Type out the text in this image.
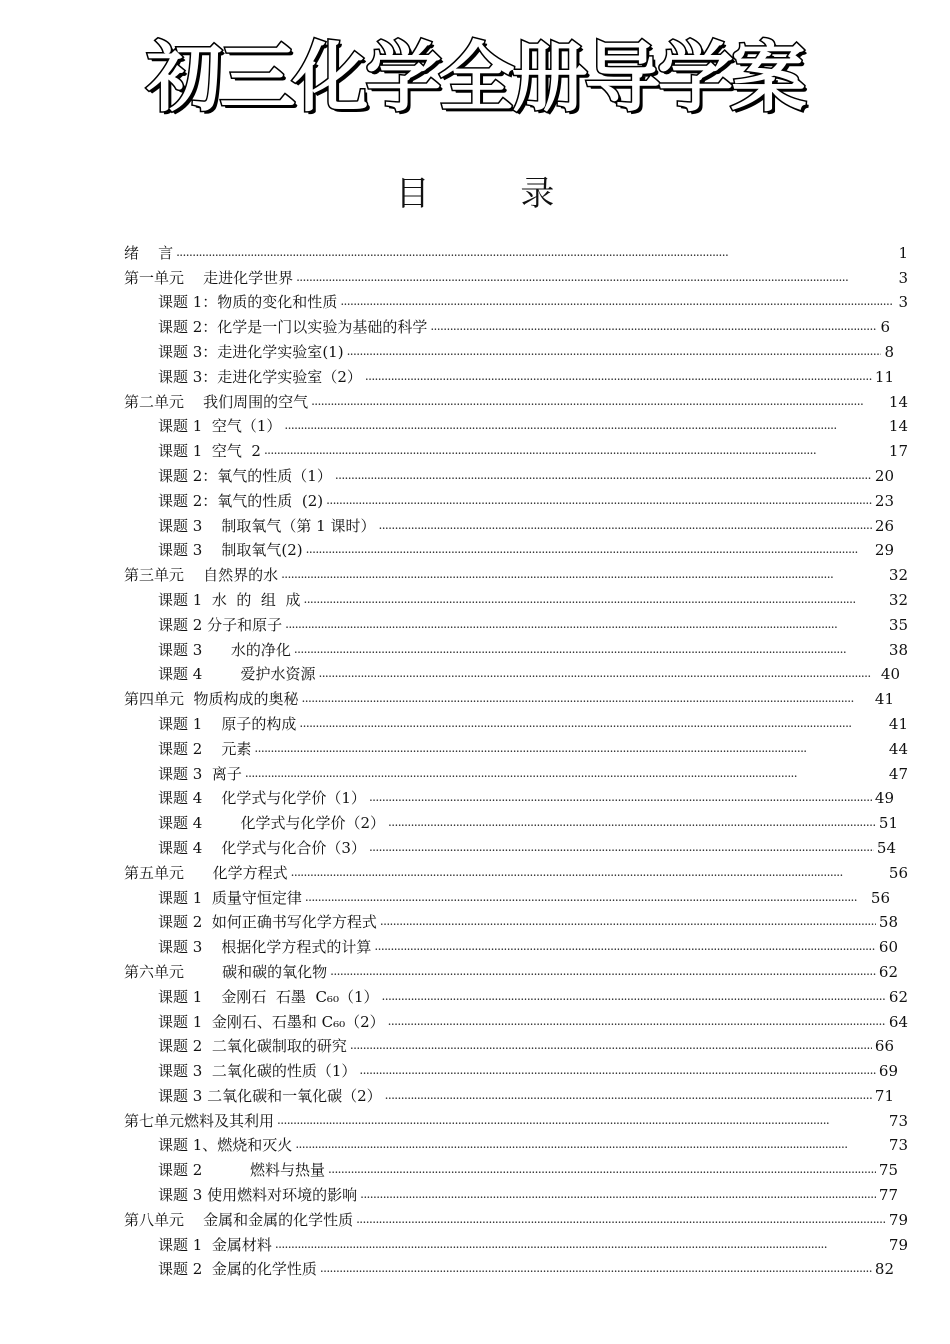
初三化学全册导学案
目 录
绪    言 . . .	1
第一单元    走进化学世界 . . .	3
课题 1：物质的变化和性质 . . .	3
课题 2：化学是一门以实验为基础的科学 . . .	6
课题 3：走进化学实验室(1) . . .	8
课题 3：走进化学实验室（2） . . .	11
第二单元    我们周围的空气 . . .	14
课题 1  空气（1） . . .	14
课题 1  空气  2 . . .	17
课题 2：氧气的性质（1） . . .	20
课题 2：氧气的性质  (2) . . .	23
课题 3    制取氧气（第 1 课时） . . .	26
课题 3    制取氧气(2) . . .	29
第三单元    自然界的水 . . .	32
课题 1  水  的  组  成 . . .	32
课题 2 分子和原子 . . .	35
课题 3      水的净化 . . .	38
课题 4        爱护水资源 . . .	40
第四单元  物质构成的奥秘 . . .	41
课题 1    原子的构成 . . .	41
课题 2    元素 . . .	44
课题 3  离子 . . .	47
课题 4    化学式与化学价（1） . . .	49
课题 4        化学式与化学价（2） . . .	51
课题 4    化学式与化合价（3） . . .	54
第五单元      化学方程式 . . .	56
课题 1  质量守恒定律 . . .	56
课题 2  如何正确书写化学方程式 . . .	58
课题 3    根据化学方程式的计算 . . .	60
第六单元        碳和碳的氧化物 . . .	62
课题 1    金刚石  石墨  C₆₀（1） . . .	62
课题 1  金刚石、石墨和 C₆₀（2） . . .	64
课题 2  二氧化碳制取的研究 . . .	66
课题 3  二氧化碳的性质（1） . . .	69
课题 3 二氧化碳和一氧化碳（2） . . .	71
第七单元燃料及其利用 . . .	73
课题 1、燃烧和灭火 . . .	73
课题 2          燃料与热量 . . .	75
课题 3 使用燃料对环境的影响 . . .	77
第八单元    金属和金属的化学性质 . . .	79
课题 1  金属材料 . . .	79
课题 2  金属的化学性质 . . .	82
